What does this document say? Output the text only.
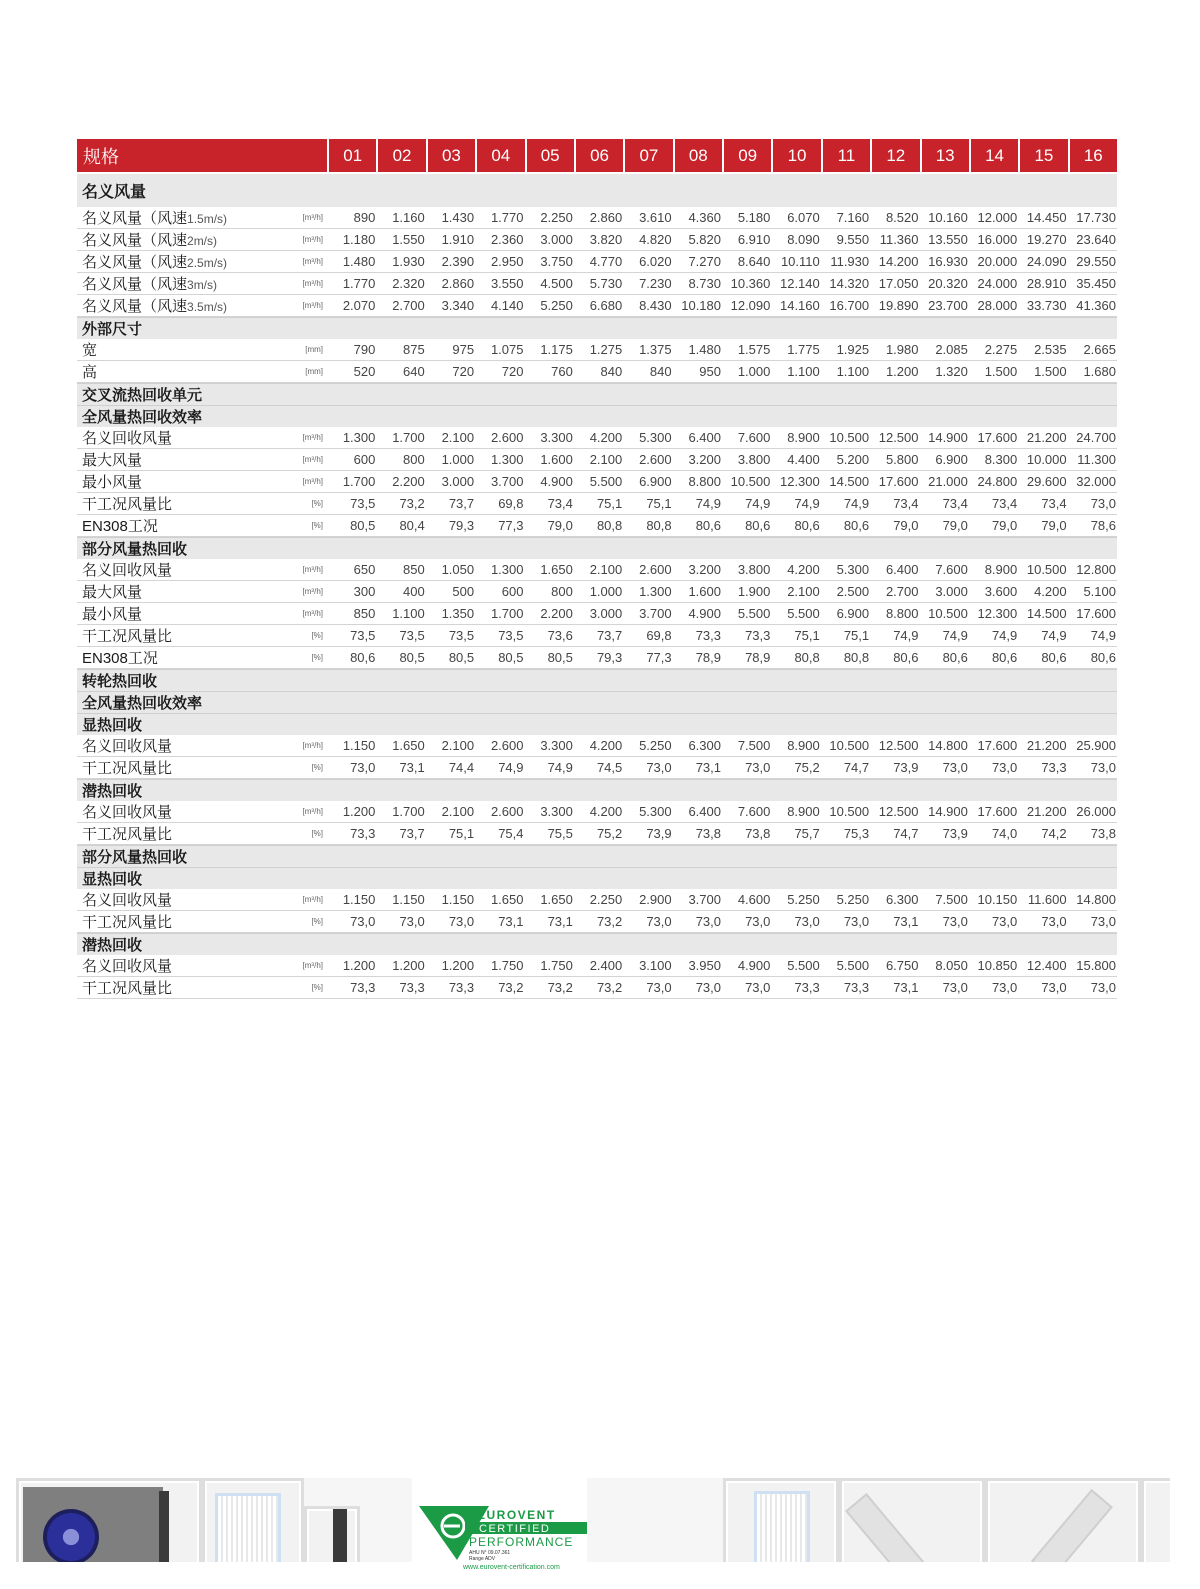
规格		01	02	03	04	05	06	07	08	09	10	11	12	13	14	15	16
名义风量																	
名义风量（风速1.5m/s)	[m³/h]	890	1.160	1.430	1.770	2.250	2.860	3.610	4.360	5.180	6.070	7.160	8.520	10.160	12.000	14.450	17.730
名义风量（风速2m/s)	[m³/h]	1.180	1.550	1.910	2.360	3.000	3.820	4.820	5.820	6.910	8.090	9.550	11.360	13.550	16.000	19.270	23.640
名义风量（风速2.5m/s)	[m³/h]	1.480	1.930	2.390	2.950	3.750	4.770	6.020	7.270	8.640	10.110	11.930	14.200	16.930	20.000	24.090	29.550
名义风量（风速3m/s)	[m³/h]	1.770	2.320	2.860	3.550	4.500	5.730	7.230	8.730	10.360	12.140	14.320	17.050	20.320	24.000	28.910	35.450
名义风量（风速3.5m/s)	[m³/h]	2.070	2.700	3.340	4.140	5.250	6.680	8.430	10.180	12.090	14.160	16.700	19.890	23.700	28.000	33.730	41.360
外部尺寸																	
宽	[mm]	790	875	975	1.075	1.175	1.275	1.375	1.480	1.575	1.775	1.925	1.980	2.085	2.275	2.535	2.665
高	[mm]	520	640	720	720	760	840	840	950	1.000	1.100	1.100	1.200	1.320	1.500	1.500	1.680
交叉流热回收单元																	
全风量热回收效率																	
名义回收风量	[m³/h]	1.300	1.700	2.100	2.600	3.300	4.200	5.300	6.400	7.600	8.900	10.500	12.500	14.900	17.600	21.200	24.700
最大风量	[m³/h]	600	800	1.000	1.300	1.600	2.100	2.600	3.200	3.800	4.400	5.200	5.800	6.900	8.300	10.000	11.300
最小风量	[m³/h]	1.700	2.200	3.000	3.700	4.900	5.500	6.900	8.800	10.500	12.300	14.500	17.600	21.000	24.800	29.600	32.000
干工况风量比	[%]	73,5	73,2	73,7	69,8	73,4	75,1	75,1	74,9	74,9	74,9	74,9	73,4	73,4	73,4	73,4	73,0
EN308工况	[%]	80,5	80,4	79,3	77,3	79,0	80,8	80,8	80,6	80,6	80,6	80,6	79,0	79,0	79,0	79,0	78,6
部分风量热回收																	
名义回收风量	[m³/h]	650	850	1.050	1.300	1.650	2.100	2.600	3.200	3.800	4.200	5.300	6.400	7.600	8.900	10.500	12.800
最大风量	[m³/h]	300	400	500	600	800	1.000	1.300	1.600	1.900	2.100	2.500	2.700	3.000	3.600	4.200	5.100
最小风量	[m³/h]	850	1.100	1.350	1.700	2.200	3.000	3.700	4.900	5.500	5.500	6.900	8.800	10.500	12.300	14.500	17.600
干工况风量比	[%]	73,5	73,5	73,5	73,5	73,6	73,7	69,8	73,3	73,3	75,1	75,1	74,9	74,9	74,9	74,9	74,9
EN308工况	[%]	80,6	80,5	80,5	80,5	80,5	79,3	77,3	78,9	78,9	80,8	80,8	80,6	80,6	80,6	80,6	80,6
转轮热回收																	
全风量热回收效率																	
显热回收																	
名义回收风量	[m³/h]	1.150	1.650	2.100	2.600	3.300	4.200	5.250	6.300	7.500	8.900	10.500	12.500	14.800	17.600	21.200	25.900
干工况风量比	[%]	73,0	73,1	74,4	74,9	74,9	74,5	73,0	73,1	73,0	75,2	74,7	73,9	73,0	73,0	73,3	73,0
潜热回收																	
名义回收风量	[m³/h]	1.200	1.700	2.100	2.600	3.300	4.200	5.300	6.400	7.600	8.900	10.500	12.500	14.900	17.600	21.200	26.000
干工况风量比	[%]	73,3	73,7	75,1	75,4	75,5	75,2	73,9	73,8	73,8	75,7	75,3	74,7	73,9	74,0	74,2	73,8
部分风量热回收																	
显热回收																	
名义回收风量	[m³/h]	1.150	1.150	1.150	1.650	1.650	2.250	2.900	3.700	4.600	5.250	5.250	6.300	7.500	10.150	11.600	14.800
干工况风量比	[%]	73,0	73,0	73,0	73,1	73,1	73,2	73,0	73,0	73,0	73,0	73,0	73,1	73,0	73,0	73,0	73,0
潜热回收																	
名义回收风量	[m³/h]	1.200	1.200	1.200	1.750	1.750	2.400	3.100	3.950	4.900	5.500	5.500	6.750	8.050	10.850	12.400	15.800
干工况风量比	[%]	73,3	73,3	73,3	73,2	73,2	73,2	73,0	73,0	73,0	73,3	73,3	73,1	73,0	73,0	73,0	73,0
EUROVENT
CERTIFIED
PERFORMANCE
AHU N° 09.07.361
Range ADV
www.eurovent-certification.com
